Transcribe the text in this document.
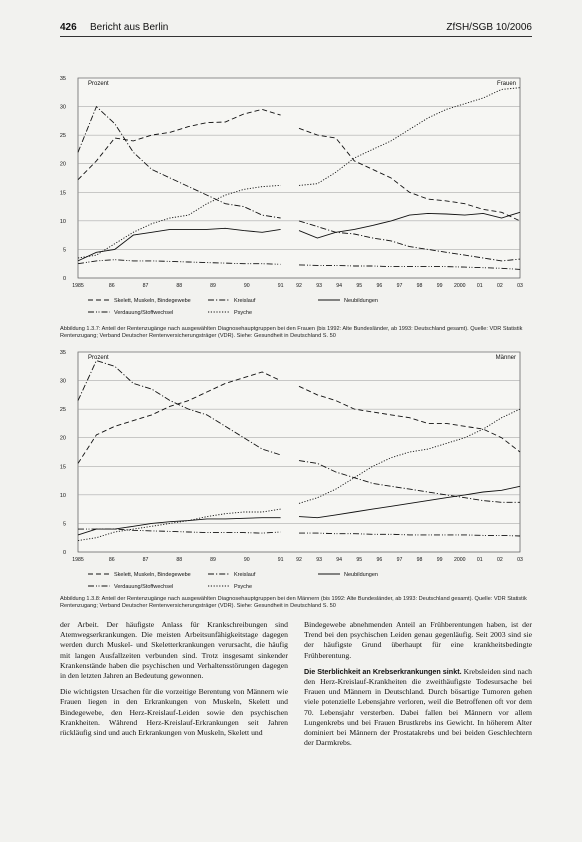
426 Bericht aus Berlin	ZfSH/SGB 10/2006
0
5
10
15
20
25
30
35
Prozent	Frauen
1985	86	87	88	89	90	91 92	93	94	95	96	97	98	99 2000 01	02	03
Skelett, Muskeln, Bindegewebe	Kreislauf	Neubildungen
Verdauung/Stoffwechsel	Psyche
Abbildung 1.3.7: Anteil der Rentenzugänge nach ausgewählten Diagnosehauptgruppen bei den Frauen (bis 1992: Alte Bundesländer, ab 1993: Deutschland gesamt). Quelle: VDR Statistik Rentenzugang; Verband Deutscher Rentenversicherungsträger (VDR). Siehe: Gesundheit in Deutschland S. 50
0
5
10
15
20
25
30
35
Prozent	Männer
1985	86	87	88	89	90	91 92	93	94	95	96	97	98	99 2000 01	02	03
Skelett, Muskeln, Bindegewebe	Kreislauf	Neubildungen
Verdauung/Stoffwechsel	Psyche
Abbildung 1.3.8: Anteil der Rentenzugänge nach ausgewählten Diagnosehauptgruppen bei den Männern (bis 1992: Alte Bundesländer, ab 1993: Deutschland gesamt). Quelle: VDR Statistik Rentenzugang; Verband Deutscher Rentenversicherungsträger (VDR). Siehe: Gesundheit in Deutschland S. 50

der Arbeit. Der häufigste Anlass für Krankschreibungen sind Atemwegserkrankungen. Die meisten Arbeitsunfähigkeitstage dagegen werden durch Muskel- und Skeletterkrankungen verursacht, die häufig mit langen Ausfallzeiten verbunden sind. Trotz insgesamt sinkender Krankenstände haben die psychischen und Verhaltensstörungen dagegen in den letzten Jahren an Bedeutung gewonnen.

Die wichtigsten Ursachen für die vorzeitige Berentung von Männern wie Frauen liegen in den Erkrankungen von Muskeln, Skelett und Bindegewebe, den Herz-Kreislauf-Leiden sowie den psychischen Krankheiten. Während Herz-Kreislauf-Erkrankungen seit Jahren rückläufig sind und auch Erkrankungen von Muskeln, Skelett und

Bindegewebe abnehmenden Anteil an Frühberentungen haben, ist der Trend bei den psychischen Leiden genau gegenläufig. Seit 2003 sind sie der häufigste Grund überhaupt für eine krankheitsbedingte Frühberentung.

Die Sterblichkeit an Krebserkrankungen sinkt. Krebsleiden sind nach den Herz-Kreislauf-Krankheiten die zweithäufigste Todesursache bei Frauen und Männern in Deutschland. Durch bösartige Tumoren gehen viele potenzielle Lebensjahre verloren, weil die Betroffenen oft vor dem 70. Lebensjahr versterben. Dabei fallen bei Männern vor allem Lungenkrebs und bei Frauen Brustkrebs ins Gewicht. In höherem Alter dominiert bei Männern der Prostatakrebs und bei beiden Geschlechtern der Darmkrebs.
